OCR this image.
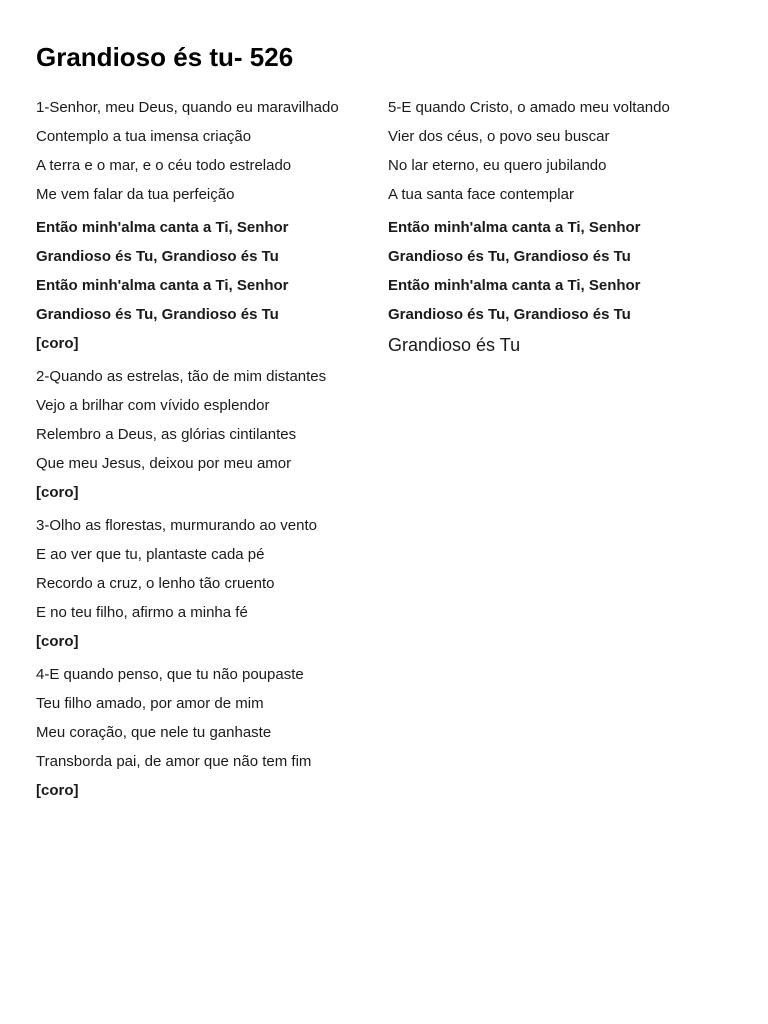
Grandioso és tu- 526

1-Senhor, meu Deus, quando eu maravilhado

Contemplo a tua imensa criação

A terra e o mar, e o céu todo estrelado

Me vem falar da tua perfeição

Então minh'alma canta a Ti, Senhor

Grandioso és Tu, Grandioso és Tu

Então minh'alma canta a Ti, Senhor

Grandioso és Tu, Grandioso és Tu

[coro]

2-Quando as estrelas, tão de mim distantes

Vejo a brilhar com vívido esplendor

Relembro a Deus, as glórias cintilantes

Que meu Jesus, deixou por meu amor

[coro]

3-Olho as florestas, murmurando ao vento

E ao ver que tu, plantaste cada pé

Recordo a cruz, o lenho tão cruento

E no teu filho, afirmo a minha fé

[coro]

4-E quando penso, que tu não poupaste

Teu filho amado, por amor de mim

Meu coração, que nele tu ganhaste

Transborda pai, de amor que não tem fim

[coro]

5-E quando Cristo, o amado meu voltando

Vier dos céus, o povo seu buscar

No lar eterno, eu quero jubilando

A tua santa face contemplar

Então minh'alma canta a Ti, Senhor

Grandioso és Tu, Grandioso és Tu

Então minh'alma canta a Ti, Senhor

Grandioso és Tu, Grandioso és Tu

Grandioso és Tu
